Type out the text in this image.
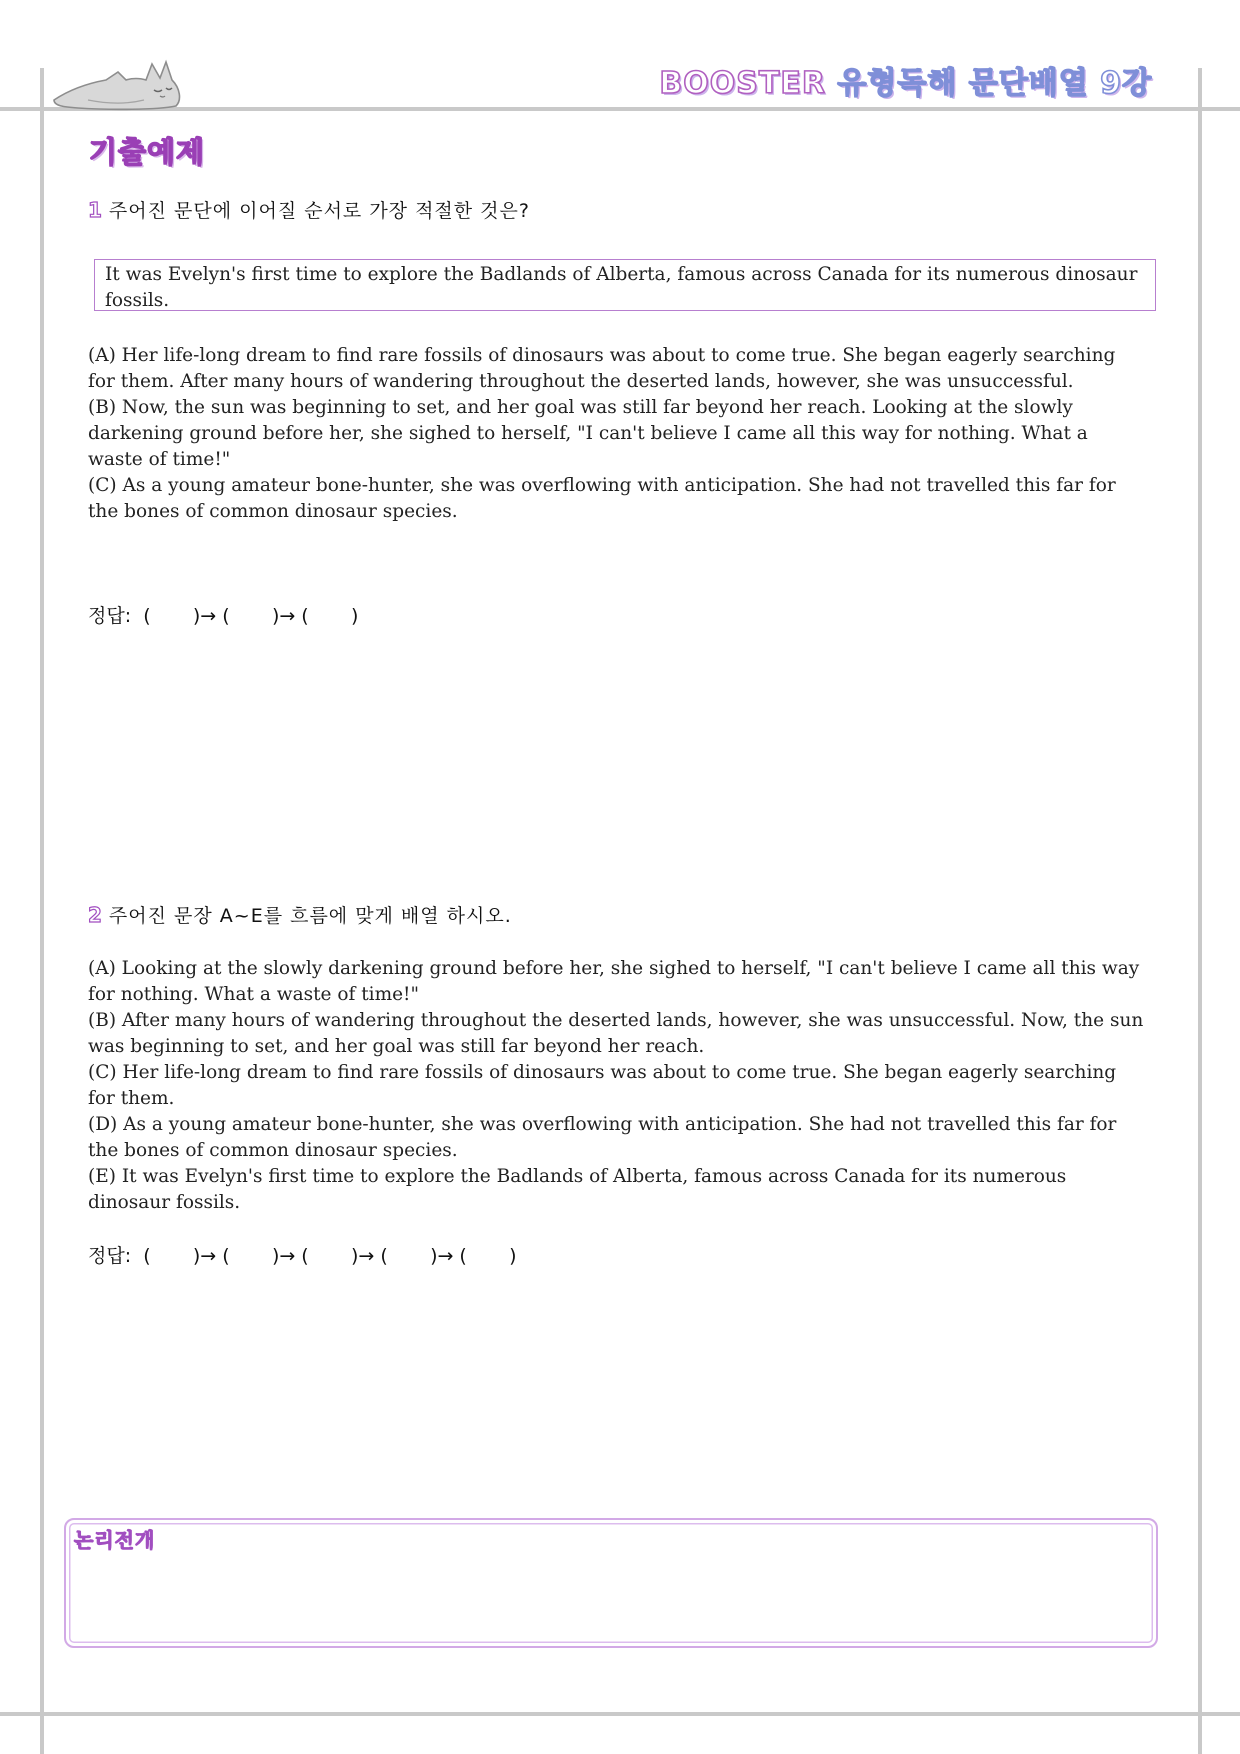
BOOSTER 유형독해 문단배열 9강
기출예제
1 주어진 문단에 이어질 순서로 가장 적절한 것은?
It was Evelyn's first time to explore the Badlands of Alberta, famous across Canada for its numerous dinosaur fossils.

(A) Her life-long dream to find rare fossils of dinosaurs was about to come true. She began eagerly searching for them. After many hours of wandering throughout the deserted lands, however, she was unsuccessful.

(B) Now, the sun was beginning to set, and her goal was still far beyond her reach. Looking at the slowly darkening ground before her, she sighed to herself, "I can't believe I came all this way for nothing. What a waste of time!"

(C) As a young amateur bone-hunter, she was overflowing with anticipation. She had not travelled this far for the bones of common dinosaur species.

정답:  (       )→ (       )→ (       )
2 주어진 문장 A~E를 흐름에 맞게 배열 하시오.

(A) Looking at the slowly darkening ground before her, she sighed to herself, "I can't believe I came all this way for nothing. What a waste of time!"

(B) After many hours of wandering throughout the deserted lands, however, she was unsuccessful. Now, the sun was beginning to set, and her goal was still far beyond her reach.

(C) Her life-long dream to find rare fossils of dinosaurs was about to come true. She began eagerly searching for them.

(D) As a young amateur bone-hunter, she was overflowing with anticipation. She had not travelled this far for the bones of common dinosaur species.

(E) It was Evelyn's first time to explore the Badlands of Alberta, famous across Canada for its numerous dinosaur fossils.

정답:  (       )→ (       )→ (       )→ (       )→ (       )
논리전개
